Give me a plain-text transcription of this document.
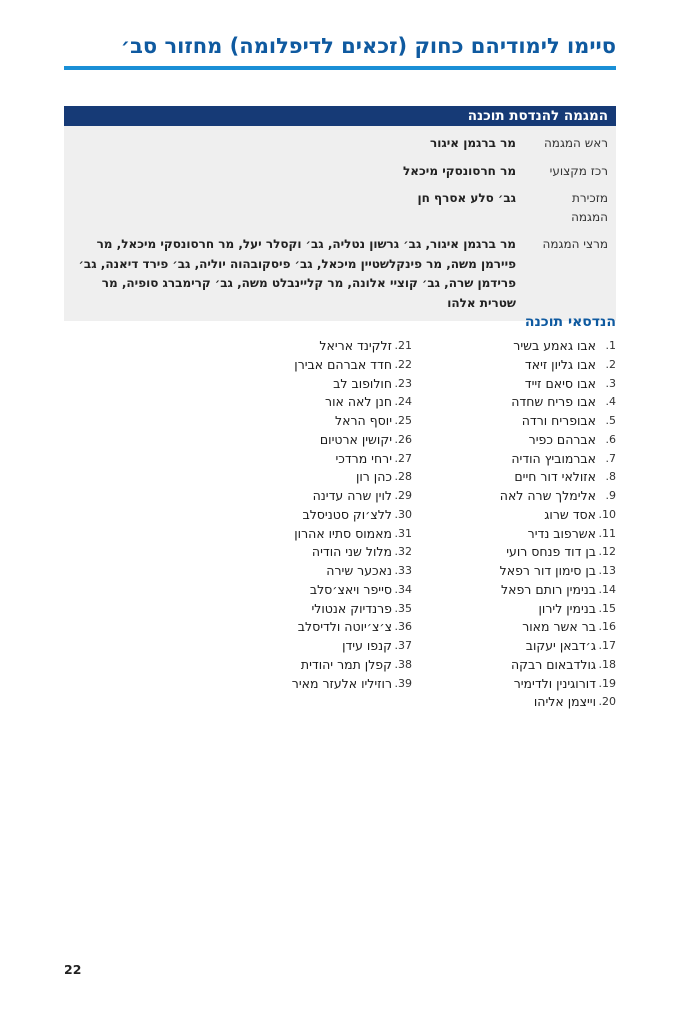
סיימו לימודיהם כחוק (זכאים לדיפלומה) מחזור סב׳
המגמה להנדסת תוכנה
ראש המגמה
מר ברגמן איגור
רכז מקצועי
מר חרסונסקי מיכאל
מזכירת המגמה
גב׳ סלע אסרף חן
מרצי המגמה
מר ברגמן איגור, גב׳ גרשון נטליה, גב׳ וקסלר יעל, מר חרסונסקי מיכאל, מר פיירמן משה, מר פינקלשטיין מיכאל, גב׳ פיסקובהוה יוליה, גב׳ פירד דיאנה, גב׳ פרידמן שרה, גב׳ קוציי אלונה, מר קליינבלט משה, גב׳ קרימברג סופיה, מר שטרית אלהו
הנדסאי תוכנה
1.
אבו גאמע בשיר
2.
אבו גליון זיאד
3.
אבו סיאם זייד
4.
אבו פריח שחדה
5.
אבופריח ורדה
6.
אברהם כפיר
7.
אברמוביץ הודיה
8.
אזולאי דור חיים
9.
אלימלך שרה לאה
10.
אסד שרוג
11.
אשרפוב נדיר
12.
בן דוד פנחס רועי
13.
בן סימון דור רפאל
14.
בנימין רותם רפאל
15.
בנימין לירון
16.
בר אשר מאור
17.
ג׳דבאן יעקוב
18.
גולדבאום רבקה
19.
דורוגינין ולדימיר
20.
וייצמן אליהו
21.
זלקינד אריאל
22.
חדד אברהם אבירן
23.
חולופוב לב
24.
חנן לאה אור
25.
יוסף הראל
26.
יקושין ארטיום
27.
ירחי מרדכי
28.
כהן רון
29.
לוין שרה עדינה
30.
ללצ׳וק סטניסלב
31.
מאמוס סתיו אהרון
32.
מלול שני הודיה
33.
נאכער שירה
34.
סייפר ויאצ׳סלב
35.
פרנדיוק אנטולי
36.
צ׳צ׳יוטה ולדיסלב
37.
קנפו עידן
38.
קפלן תמר יהודית
39.
רוזיליו אלעזר מאיר
22
